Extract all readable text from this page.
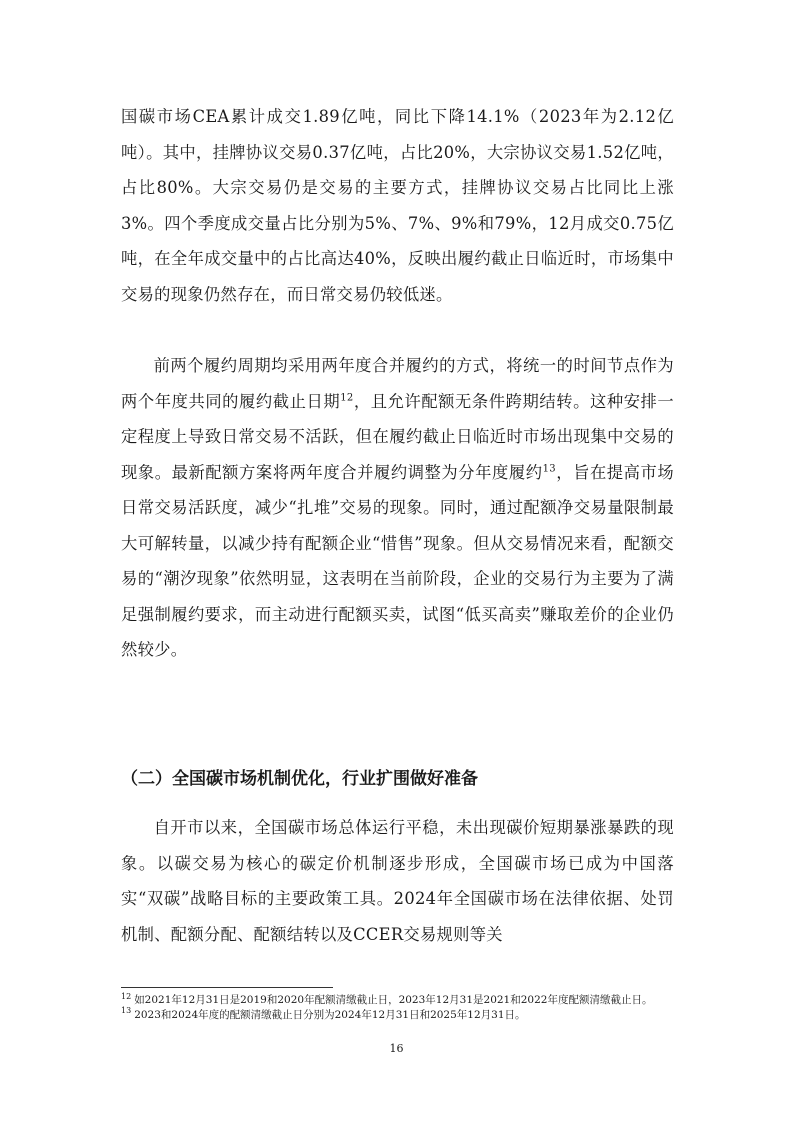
国碳市场CEA累计成交1.89亿吨，同比下降14.1%（2023年为2.12亿吨）。其中，挂牌协议交易0.37亿吨，占比20%，大宗协议交易1.52亿吨，占比80%。大宗交易仍是交易的主要方式，挂牌协议交易占比同比上涨3%。四个季度成交量占比分别为5%、7%、9%和79%，12月成交0.75亿吨，在全年成交量中的占比高达40%，反映出履约截止日临近时，市场集中交易的现象仍然存在，而日常交易仍较低迷。

前两个履约周期均采用两年度合并履约的方式，将统一的时间节点作为两个年度共同的履约截止日期$^{12}$，且允许配额无条件跨期结转。这种安排一定程度上导致日常交易不活跃，但在履约截止日临近时市场出现集中交易的现象。最新配额方案将两年度合并履约调整为分年度履约$^{13}$，旨在提高市场日常交易活跃度，减少“扎堆”交易的现象。同时，通过配额净交易量限制最大可解转量，以减少持有配额企业“惜售”现象。但从交易情况来看，配额交易的“潮汐现象”依然明显，这表明在当前阶段，企业的交易行为主要为了满足强制履约要求，而主动进行配额买卖，试图“低买高卖”赚取差价的企业仍然较少。

（二）全国碳市场机制优化，行业扩围做好准备

自开市以来，全国碳市场总体运行平稳，未出现碳价短期暴涨暴跌的现象。以碳交易为核心的碳定价机制逐步形成，全国碳市场已成为中国落实“双碳”战略目标的主要政策工具。2024年全国碳市场在法律依据、处罚机制、配额分配、配额结转以及CCER交易规则等关

$^{12}$ 如2021年12月31日是2019和2020年配额清缴截止日，2023年12月31是2021和2022年度配额清缴截止日。
$^{13}$ 2023和2024年度的配额清缴截止日分别为2024年12月31日和2025年12月31日。
16
